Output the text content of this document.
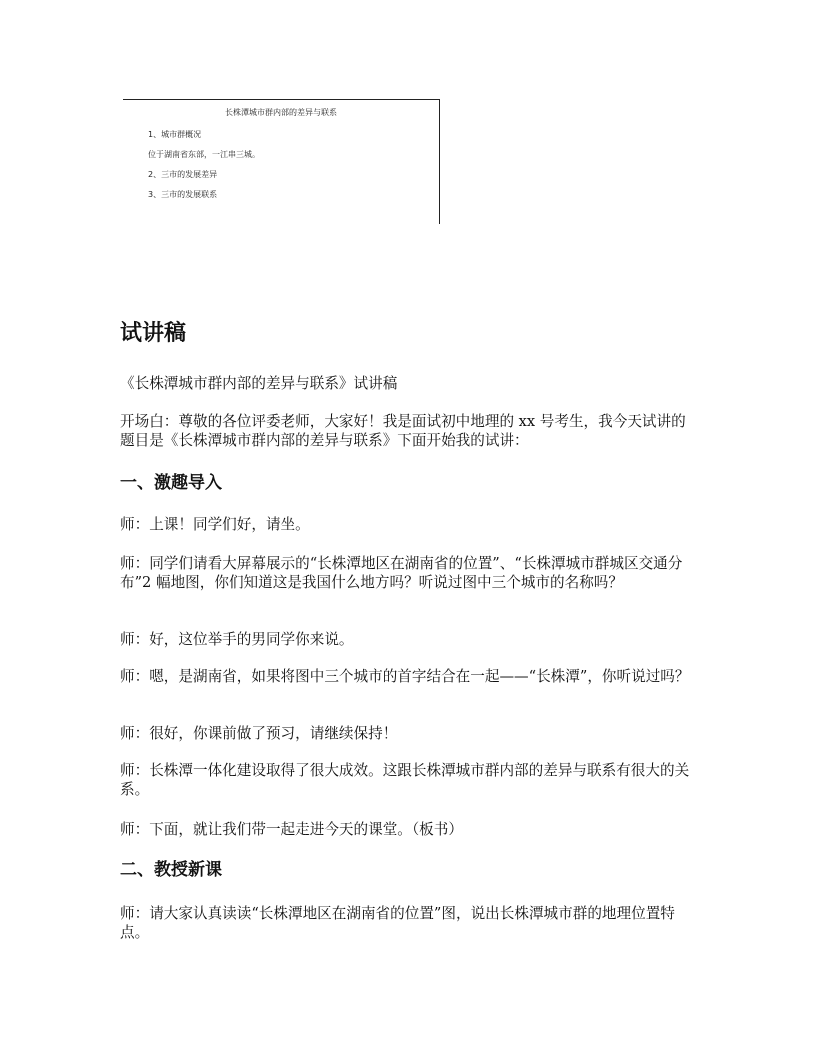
长株潭城市群内部的差异与联系
1、城市群概况
位于湖南省东部，一江串三城。
2、三市的发展差异
3、三市的发展联系
试讲稿

《长株潭城市群内部的差异与联系》试讲稿

开场白：尊敬的各位评委老师，大家好！我是面试初中地理的 xx 号考生，我今天试讲的题目是《长株潭城市群内部的差异与联系》下面开始我的试讲：

一、激趣导入

师：上课！同学们好，请坐。

师：同学们请看大屏幕展示的“长株潭地区在湖南省的位置”、“长株潭城市群城区交通分布”2 幅地图，你们知道这是我国什么地方吗？听说过图中三个城市的名称吗？

师：好，这位举手的男同学你来说。

师：嗯，是湖南省，如果将图中三个城市的首字结合在一起——“长株潭”，你听说过吗？

师：很好，你课前做了预习，请继续保持！

师：长株潭一体化建设取得了很大成效。这跟长株潭城市群内部的差异与联系有很大的关系。

师：下面，就让我们带一起走进今天的课堂。（板书）

二、教授新课

师：请大家认真读读“长株潭地区在湖南省的位置”图，说出长株潭城市群的地理位置特点。
